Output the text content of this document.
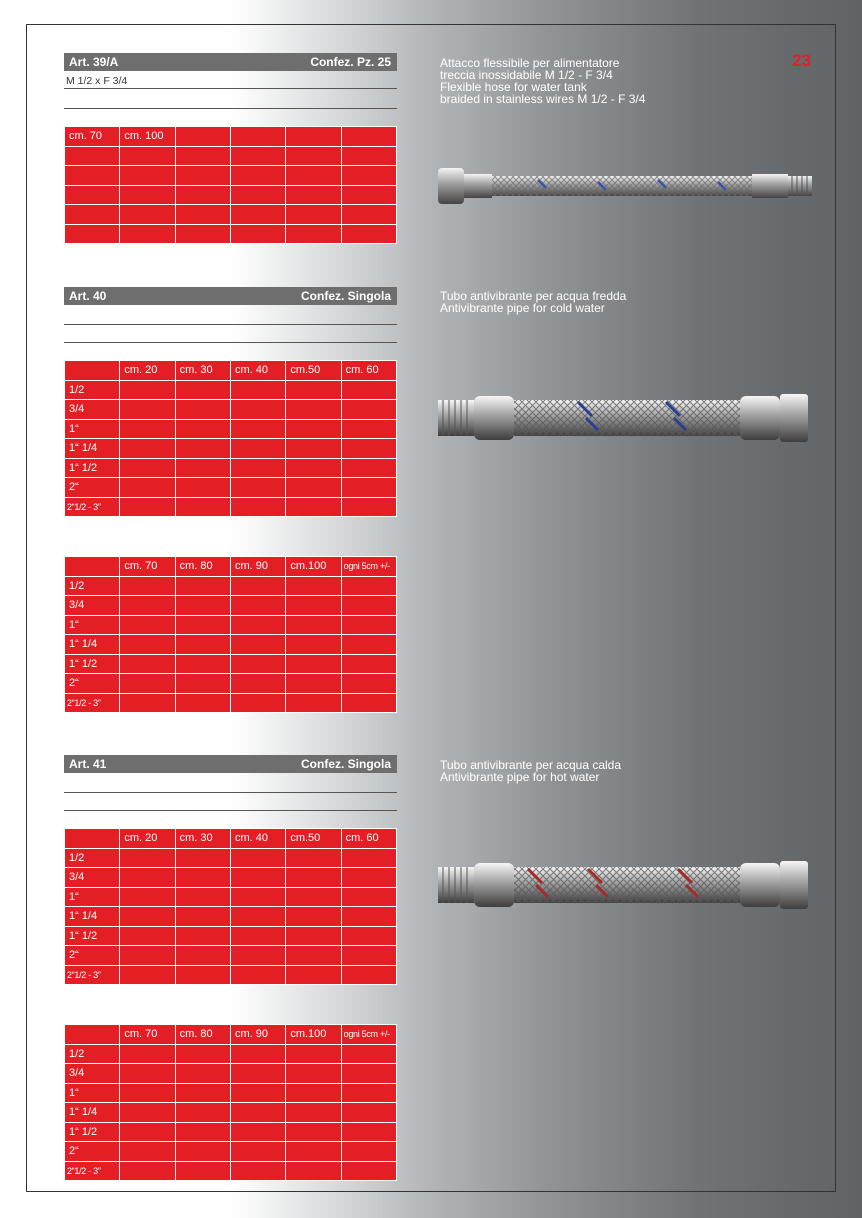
23
Art. 39/A	Confez. Pz. 25
M 1/2 x F 3/4
Attacco flessibile per alimentatore
treccia inossidabile M 1/2 - F 3/4
Flexible hose for water tank
braided in stainless wires M 1/2 - F 3/4
cm. 70	cm. 100				

Art. 40	Confez. Singola	Tubo antivibrante per acqua fredda
Antivibrante pipe for cold water
	cm. 20	cm. 30	cm. 40	cm.50	cm. 60
1/2					
3/4					
1“					
1“ 1/4					
1“ 1/2					
2“					
2“1/2 - 3”					
	cm. 70	cm. 80	cm. 90	cm.100	ogni 5cm +/-
1/2					
3/4					
1“					
1“ 1/4					
1“ 1/2					
2“					
2“1/2 - 3”					
Art. 41	Confez. Singola	Tubo antivibrante per acqua calda
Antivibrante pipe for hot water
	cm. 20	cm. 30	cm. 40	cm.50	cm. 60
1/2					
3/4					
1“					
1“ 1/4					
1“ 1/2					
2“					
2“1/2 - 3”					
	cm. 70	cm. 80	cm. 90	cm.100	ogni 5cm +/-
1/2					
3/4					
1“					
1“ 1/4					
1“ 1/2					
2“					
2“1/2 - 3”					
